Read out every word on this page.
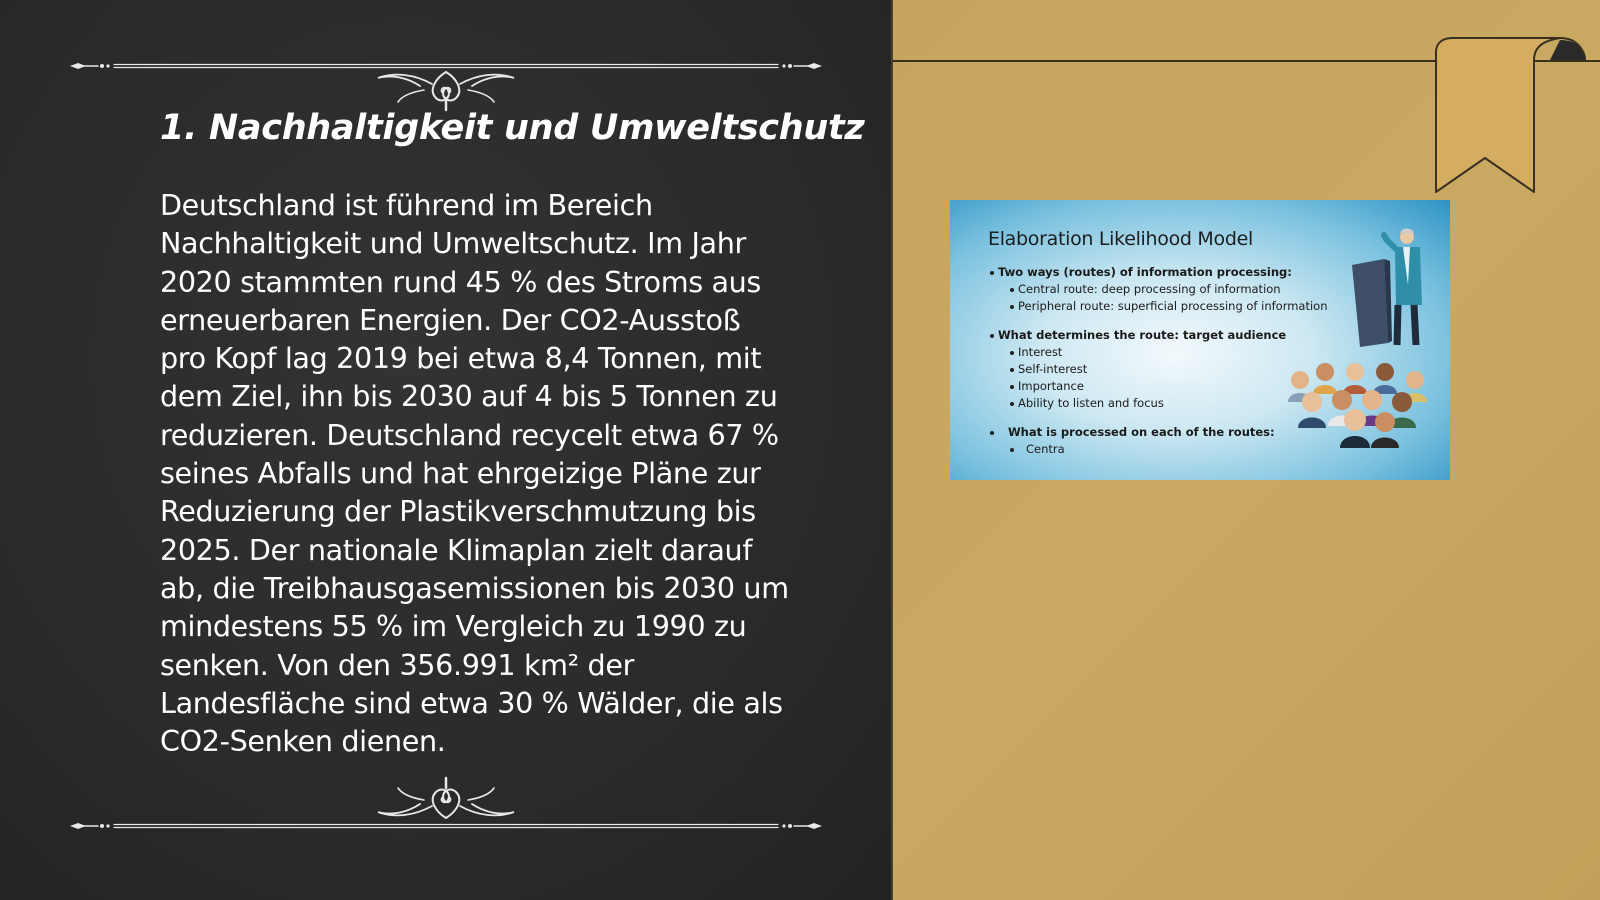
1. Nachhaltigkeit und Umweltschutz

Deutschland ist führend im Bereich
Nachhaltigkeit und Umweltschutz. Im Jahr
2020 stammten rund 45 % des Stroms aus
erneuerbaren Energien. Der CO2-Ausstoß
pro Kopf lag 2019 bei etwa 8,4 Tonnen, mit
dem Ziel, ihn bis 2030 auf 4 bis 5 Tonnen zu
reduzieren. Deutschland recycelt etwa 67 %
seines Abfalls und hat ehrgeizige Pläne zur
Reduzierung der Plastikverschmutzung bis
2025. Der nationale Klimaplan zielt darauf
ab, die Treibhausgasemissionen bis 2030 um
mindestens 55 % im Vergleich zu 1990 zu
senken. Von den 356.991 km² der
Landesfläche sind etwa 30 % Wälder, die als
CO2-Senken dienen.

Elaboration Likelihood Model
Two ways (routes) of information processing:
Central route: deep processing of information
Peripheral route: superficial processing of information
What determines the route: target audience
Interest
Self-interest
Importance
Ability to listen and focus
What is processed on each of the routes:
Centra
